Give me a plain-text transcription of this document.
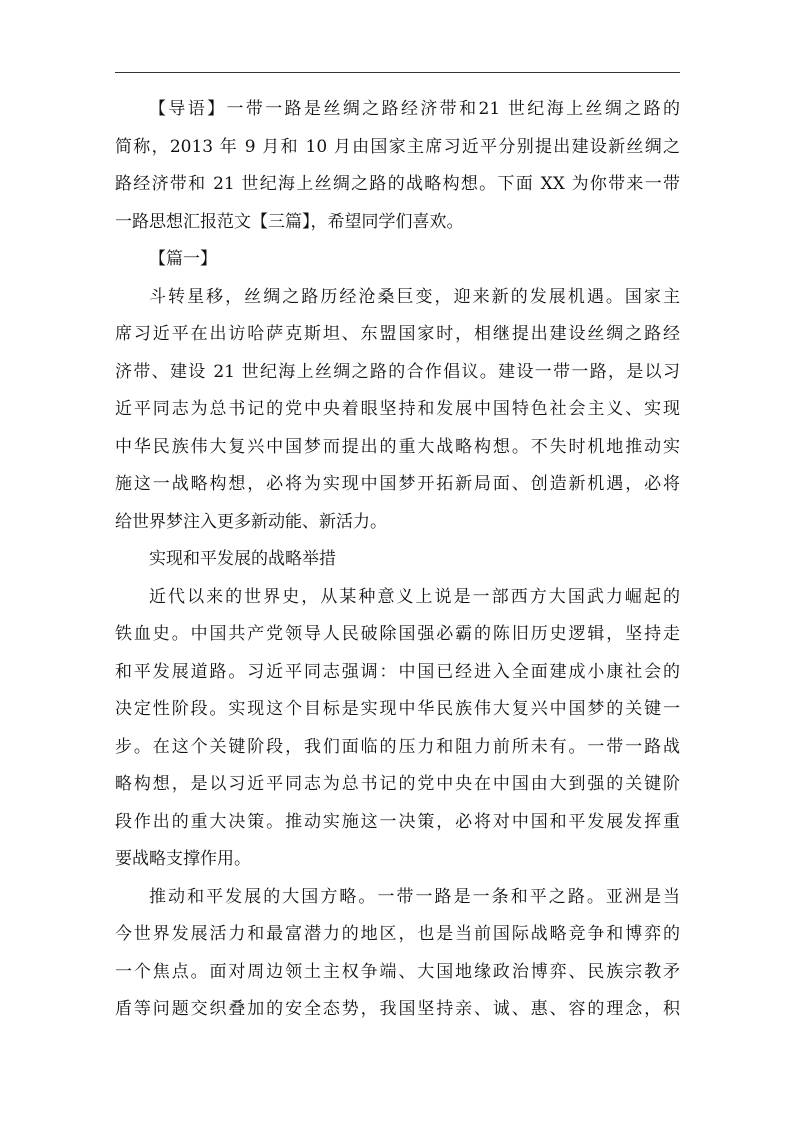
【导语】一带一路是丝绸之路经济带和21 世纪海上丝绸之路的
简称，2013 年 9 月和 10 月由国家主席习近平分别提出建设新丝绸之
路经济带和 21 世纪海上丝绸之路的战略构想。下面 XX 为你带来一带
一路思想汇报范文【三篇】，希望同学们喜欢。
【篇一】
斗转星移，丝绸之路历经沧桑巨变，迎来新的发展机遇。国家主
席习近平在出访哈萨克斯坦、东盟国家时，相继提出建设丝绸之路经
济带、建设 21 世纪海上丝绸之路的合作倡议。建设一带一路，是以习
近平同志为总书记的党中央着眼坚持和发展中国特色社会主义、实现
中华民族伟大复兴中国梦而提出的重大战略构想。不失时机地推动实
施这一战略构想，必将为实现中国梦开拓新局面、创造新机遇，必将
给世界梦注入更多新动能、新活力。
实现和平发展的战略举措
近代以来的世界史，从某种意义上说是一部西方大国武力崛起的
铁血史。中国共产党领导人民破除国强必霸的陈旧历史逻辑，坚持走
和平发展道路。习近平同志强调：中国已经进入全面建成小康社会的
决定性阶段。实现这个目标是实现中华民族伟大复兴中国梦的关键一
步。在这个关键阶段，我们面临的压力和阻力前所未有。一带一路战
略构想，是以习近平同志为总书记的党中央在中国由大到强的关键阶
段作出的重大决策。推动实施这一决策，必将对中国和平发展发挥重
要战略支撑作用。
推动和平发展的大国方略。一带一路是一条和平之路。亚洲是当
今世界发展活力和最富潜力的地区，也是当前国际战略竞争和博弈的
一个焦点。面对周边领土主权争端、大国地缘政治博弈、民族宗教矛
盾等问题交织叠加的安全态势，我国坚持亲、诚、惠、容的理念，积
